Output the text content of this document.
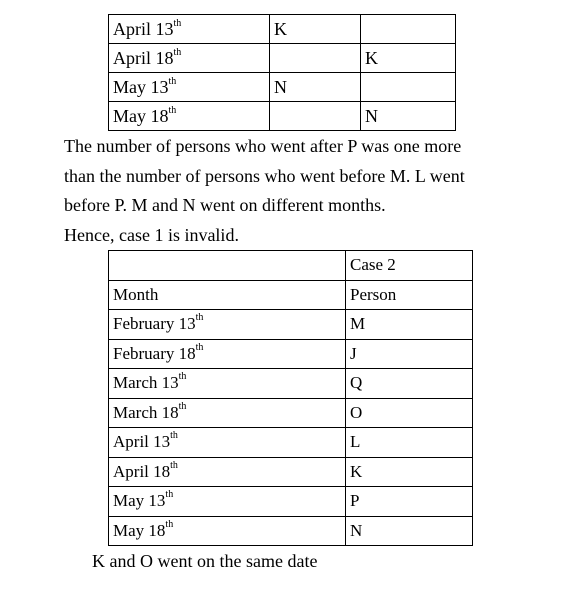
April 13th	K	
April 18th		K
May 13th	N	
May 18th		N
The number of persons who went after P was one more
than the number of persons who went before M. L went
before P. M and N went on different months.
Hence, case 1 is invalid.
	Case 2
Month	Person
February 13th	M
February 18th	J
March 13th	Q
March 18th	O
April 13th	L
April 18th	K
May 13th	P
May 18th	N
K and O went on the same date
